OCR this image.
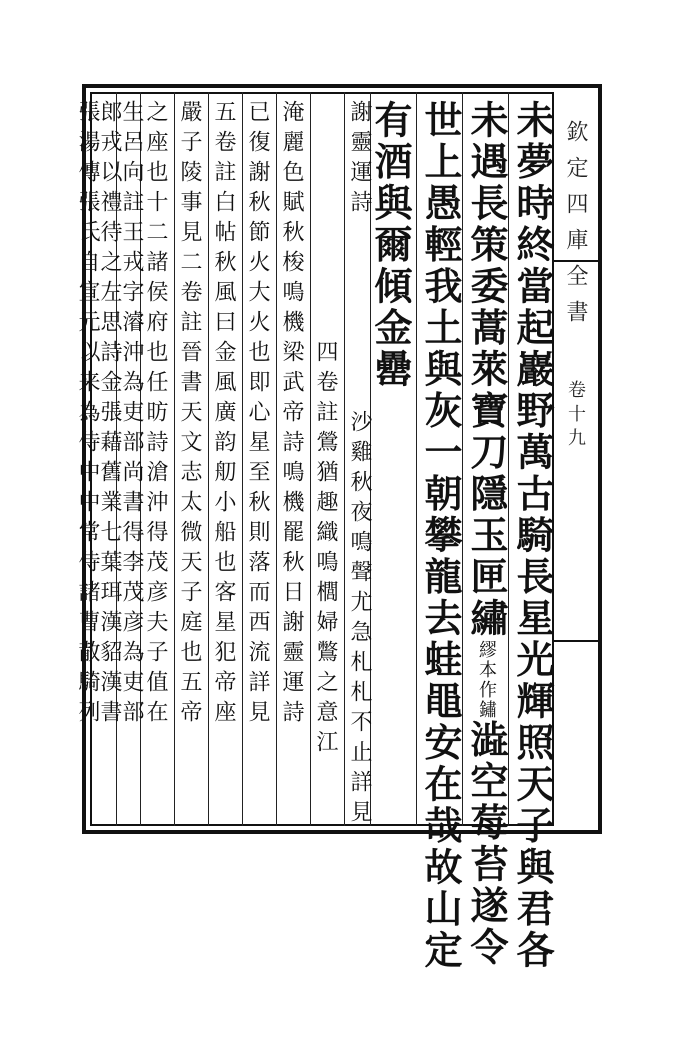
欽定四庫全書
卷十九
未夢時終當起巖野萬古騎長星光輝照天子與君各
未遇長策委蒿萊寶刀隱玉匣繡繆本作鏽澁空莓苔遂令
世上愚輕我土與灰一朝攀龍去蛙黽安在哉故山定
有酒與爾傾金罍
沙雞秋夜鳴聲尤急札札不止詳見
謝靈運詩
四卷註鶯猶趣織鳴櫚婦鷩之意江
淹麗色賦秋梭鳴機梁武帝詩鳴機罷秋日謝靈運詩
已復謝秋節火大火也即心星至秋則落而西流詳見
五卷註白帖秋風曰金風廣韵舠小船也客星犯帝座
嚴子陵事見二卷註晉書天文志太微天子庭也五帝
之座也十二諸侯府也任昉詩滄沖得茂彦夫子值在
生呂向註王戎字濬沖為吏部尚書得李茂彦為吏部
郎戎以禮待之左思詩金張藉舊業七葉珥漢貂漢書
張湯傳張氏自宣元以来為侍中中常侍諸曹散騎列
